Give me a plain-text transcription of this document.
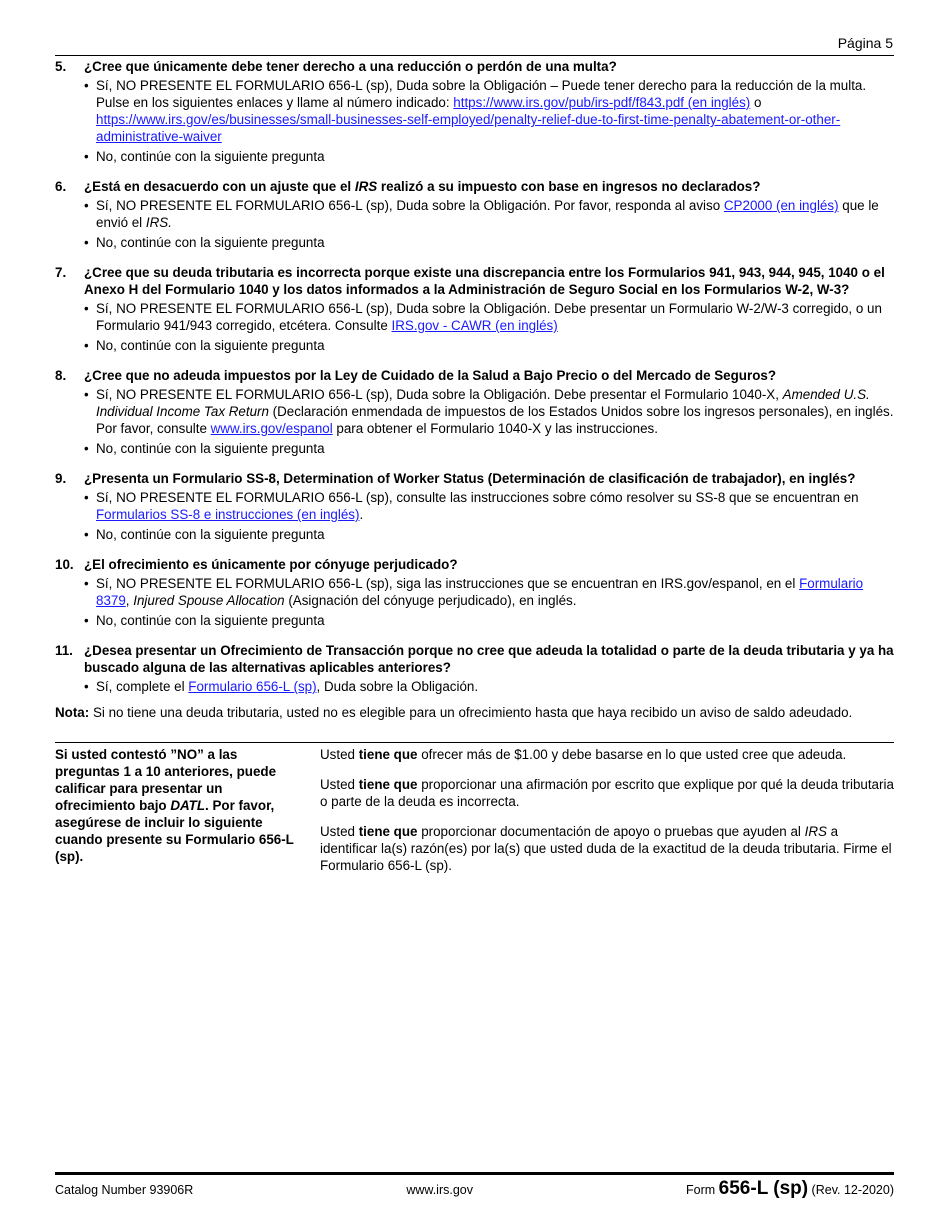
Página 5
5. ¿Cree que únicamente debe tener derecho a una reducción o perdón de una multa?
• Sí, NO PRESENTE EL FORMULARIO 656-L (sp), Duda sobre la Obligación – Puede tener derecho para la reducción de la multa. Pulse en los siguientes enlaces y llame al número indicado: https://www.irs.gov/pub/irs-pdf/f843.pdf (en inglés) o https://www.irs.gov/es/businesses/small-businesses-self-employed/penalty-relief-due-to-first-time-penalty-abatement-or-other-administrative-waiver
• No, continúe con la siguiente pregunta
6. ¿Está en desacuerdo con un ajuste que el IRS realizó a su impuesto con base en ingresos no declarados?
• Sí, NO PRESENTE EL FORMULARIO 656-L (sp), Duda sobre la Obligación. Por favor, responda al aviso CP2000 (en inglés) que le envió el IRS.
• No, continúe con la siguiente pregunta
7. ¿Cree que su deuda tributaria es incorrecta porque existe una discrepancia entre los Formularios 941, 943, 944, 945, 1040 o el Anexo H del Formulario 1040 y los datos informados a la Administración de Seguro Social en los Formularios W-2, W-3?
• Sí, NO PRESENTE EL FORMULARIO 656-L (sp), Duda sobre la Obligación. Debe presentar un Formulario W-2/W-3 corregido, o un Formulario 941/943 corregido, etcétera. Consulte IRS.gov - CAWR (en inglés)
• No, continúe con la siguiente pregunta
8. ¿Cree que no adeuda impuestos por la Ley de Cuidado de la Salud a Bajo Precio o del Mercado de Seguros?
• Sí, NO PRESENTE EL FORMULARIO 656-L (sp), Duda sobre la Obligación. Debe presentar el Formulario 1040-X, Amended U.S. Individual Income Tax Return (Declaración enmendada de impuestos de los Estados Unidos sobre los ingresos personales), en inglés. Por favor, consulte www.irs.gov/espanol para obtener el Formulario 1040-X y las instrucciones.
• No, continúe con la siguiente pregunta
9. ¿Presenta un Formulario SS-8, Determination of Worker Status (Determinación de clasificación de trabajador), en inglés?
• Sí, NO PRESENTE EL FORMULARIO 656-L (sp), consulte las instrucciones sobre cómo resolver su SS-8 que se encuentran en Formularios SS-8 e instrucciones (en inglés).
• No, continúe con la siguiente pregunta
10. ¿El ofrecimiento es únicamente por cónyuge perjudicado?
• Sí, NO PRESENTE EL FORMULARIO 656-L (sp), siga las instrucciones que se encuentran en IRS.gov/espanol, en el Formulario 8379, Injured Spouse Allocation (Asignación del cónyuge perjudicado), en inglés.
• No, continúe con la siguiente pregunta
11. ¿Desea presentar un Ofrecimiento de Transacción porque no cree que adeuda la totalidad o parte de la deuda tributaria y ya ha buscado alguna de las alternativas aplicables anteriores?
• Sí, complete el Formulario 656-L (sp), Duda sobre la Obligación.
Nota: Si no tiene una deuda tributaria, usted no es elegible para un ofrecimiento hasta que haya recibido un aviso de saldo adeudado.
Si usted contestó ”NO” a las preguntas 1 a 10 anteriores, puede calificar para presentar un ofrecimiento bajo DATL. Por favor, asegúrese de incluir lo siguiente cuando presente su Formulario 656-L (sp).

Usted tiene que ofrecer más de $1.00 y debe basarse en lo que usted cree que adeuda.

Usted tiene que proporcionar una afirmación por escrito que explique por qué la deuda tributaria o parte de la deuda es incorrecta.

Usted tiene que proporcionar documentación de apoyo o pruebas que ayuden al IRS a identificar la(s) razón(es) por la(s) que usted duda de la exactitud de la deuda tributaria. Firme el Formulario 656-L (sp).

Catalog Number 93906R	www.irs.gov	Form 656-L (sp) (Rev. 12-2020)
